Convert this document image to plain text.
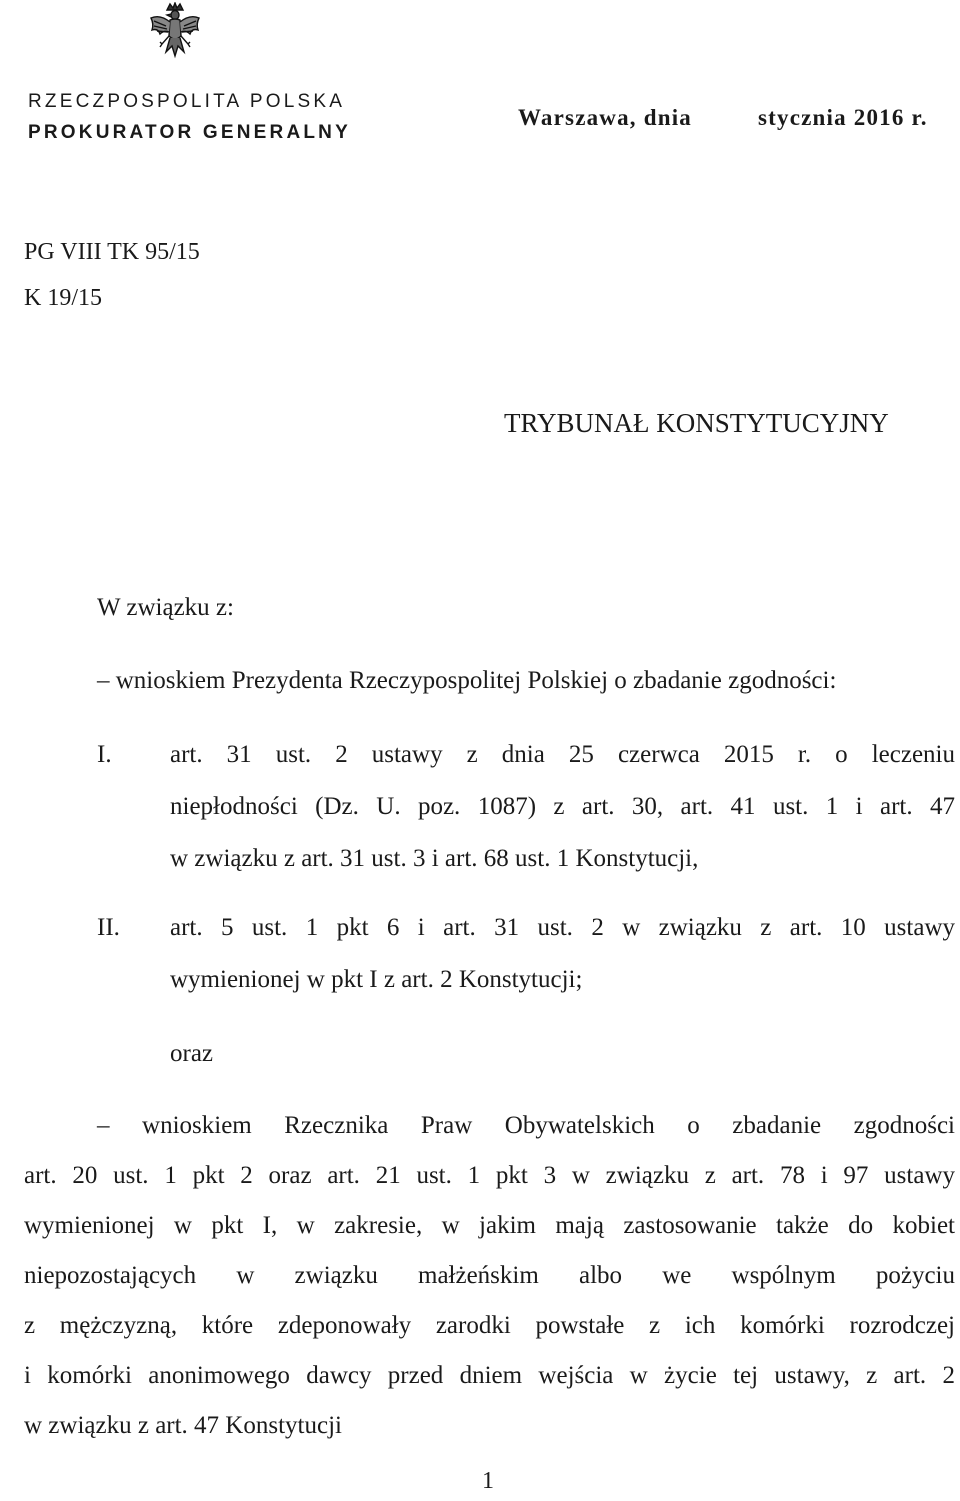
RZECZPOSPOLITA POLSKA
PROKURATOR GENERALNY
Warszawa, dnia	stycznia 2016 r.
PG VIII TK 95/15
K 19/15
TRYBUNAŁ KONSTYTUCYJNY
W związku z:
– wnioskiem Prezydenta Rzeczypospolitej Polskiej o zbadanie zgodności:
I. art. 31 ust. 2 ustawy z dnia 25 czerwca 2015 r. o leczeniu
niepłodności (Dz. U. poz. 1087) z art. 30, art. 41 ust. 1 i art. 47
w związku z art. 31 ust. 3 i art. 68 ust. 1 Konstytucji,
II. art. 5 ust. 1 pkt 6 i art. 31 ust. 2 w związku z art. 10 ustawy
wymienionej w pkt I z art. 2 Konstytucji;
oraz
– wnioskiem Rzecznika Praw Obywatelskich o zbadanie zgodności
art. 20 ust. 1 pkt 2 oraz art. 21 ust. 1 pkt 3 w związku z art. 78 i 97 ustawy
wymienionej w pkt I, w zakresie, w jakim mają zastosowanie także do kobiet
niepozostających w związku małżeńskim albo we wspólnym pożyciu
z mężczyzną, które zdeponowały zarodki powstałe z ich komórki rozrodczej
i komórki anonimowego dawcy przed dniem wejścia w życie tej ustawy, z art. 2
w związku z art. 47 Konstytucji
1
